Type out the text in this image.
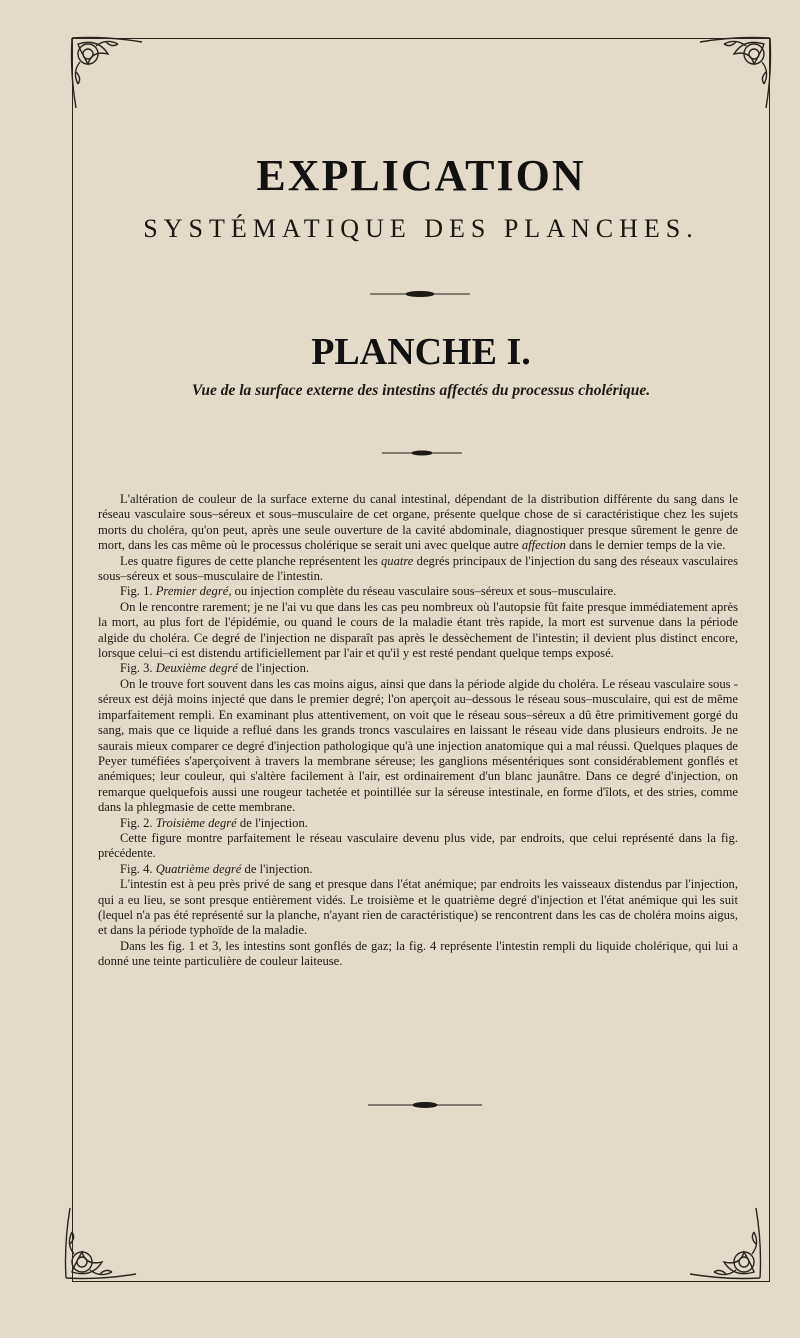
EXPLICATION
SYSTÉMATIQUE DES PLANCHES.
PLANCHE I.
Vue de la surface externe des intestins affectés du processus cholérique.

L'altération de couleur de la surface externe du canal intestinal, dépendant de la distribution différente du sang dans le réseau vasculaire sous–séreux et sous–musculaire de cet organe, présente quelque chose de si caractéristique chez les sujets morts du choléra, qu'on peut, après une seule ouverture de la cavité abdominale, diagnostiquer presque sûrement le genre de mort, dans les cas même où le processus cholérique se serait uni avec quelque autre affection dans le dernier temps de la vie.

Les quatre figures de cette planche représentent les quatre degrés principaux de l'injection du sang des réseaux vasculaires sous–séreux et sous–musculaire de l'intestin.

Fig. 1. Premier degré, ou injection complète du réseau vasculaire sous–séreux et sous–musculaire.

On le rencontre rarement; je ne l'ai vu que dans les cas peu nombreux où l'autopsie fût faite presque immédiatement après la mort, au plus fort de l'épidémie, ou quand le cours de la maladie étant très rapide, la mort est survenue dans la période algide du choléra. Ce degré de l'injection ne disparaît pas après le dessèchement de l'intestin; il devient plus distinct encore, lorsque celui–ci est distendu artificiellement par l'air et qu'il y est resté pendant quelque temps exposé.

Fig. 3. Deuxième degré de l'injection.

On le trouve fort souvent dans les cas moins aigus, ainsi que dans la période algide du choléra. Le réseau vasculaire sous - séreux est déjà moins injecté que dans le premier degré; l'on aperçoit au–dessous le réseau sous–musculaire, qui est de même imparfaitement rempli. En examinant plus attentivement, on voit que le réseau sous–séreux a dû être primitivement gorgé du sang, mais que ce liquide a reflué dans les grands troncs vasculaires en laissant le réseau vide dans plusieurs endroits. Je ne saurais mieux comparer ce degré d'injection pathologique qu'à une injection anatomique qui a mal réussi. Quelques plaques de Peyer tuméfiées s'aperçoivent à travers la membrane séreuse; les ganglions mésentériques sont considérablement gonflés et anémiques; leur couleur, qui s'altère facilement à l'air, est ordinairement d'un blanc jaunâtre. Dans ce degré d'injection, on remarque quelquefois aussi une rougeur tachetée et pointillée sur la séreuse intestinale, en forme d'îlots, et des stries, comme dans la phlegmasie de cette membrane.

Fig. 2. Troisième degré de l'injection.

Cette figure montre parfaitement le réseau vasculaire devenu plus vide, par endroits, que celui représenté dans la fig. précédente.

Fig. 4. Quatrième degré de l'injection.

L'intestin est à peu près privé de sang et presque dans l'état anémique; par endroits les vaisseaux distendus par l'injection, qui a eu lieu, se sont presque entièrement vidés. Le troisième et le quatrième degré d'injection et l'état anémique qui les suit (lequel n'a pas été représenté sur la planche, n'ayant rien de caractéristique) se rencontrent dans les cas de choléra moins aigus, et dans la période typhoïde de la maladie.

Dans les fig. 1 et 3, les intestins sont gonflés de gaz; la fig. 4 représente l'intestin rempli du liquide cholérique, qui lui a donné une teinte particulière de couleur laiteuse.
